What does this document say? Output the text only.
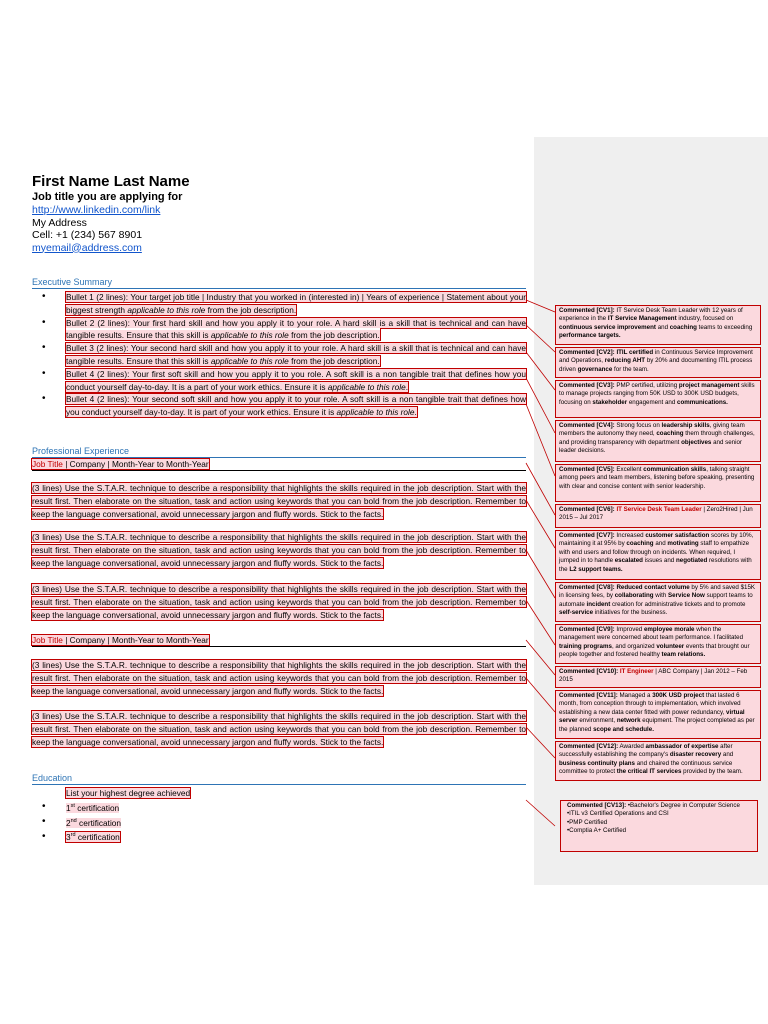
First Name Last Name
Job title you are applying for
http://www.linkedin.com/link
My Address
Cell: +1 (234) 567 8901
myemail@address.com
Executive Summary
• Bullet 1 (2 lines): Your target job title | Industry that you worked in (interested in) | Years of experience | Statement about your biggest strength applicable to this role from the job description.
• Bullet 2 (2 lines): Your first hard skill and how you apply it to your role. A hard skill is a skill that is technical and can have tangible results. Ensure that this skill is applicable to this role from the job description.
• Bullet 3 (2 lines): Your second hard skill and how you apply it to your role. A hard skill is a skill that is technical and can have tangible results. Ensure that this skill is applicable to this role from the job description.
• Bullet 4 (2 lines): Your first soft skill and how you apply it to you role. A soft skill is a non tangible trait that defines how you conduct yourself day-to-day. It is a part of your work ethics. Ensure it is applicable to this role.
• Bullet 4 (2 lines): Your second soft skill and how you apply it to your role. A soft skill is a non tangible trait that defines how you conduct yourself day-to-day. It is part of your work ethics. Ensure it is applicable to this role.
Professional Experience
Job Title | Company | Month-Year to Month-Year
(3 lines) Use the S.T.A.R. technique to describe a responsibility that highlights the skills required in the job description. Start with the result first. Then elaborate on the situation, task and action using keywords that you can bold from the job description. Remember to keep the language conversational, avoid unnecessary jargon and fluffy words. Stick to the facts.
(3 lines) Use the S.T.A.R. technique to describe a responsibility that highlights the skills required in the job description. Start with the result first. Then elaborate on the situation, task and action using keywords that you can bold from the job description. Remember to keep the language conversational, avoid unnecessary jargon and fluffy words. Stick to the facts.
(3 lines) Use the S.T.A.R. technique to describe a responsibility that highlights the skills required in the job description. Start with the result first. Then elaborate on the situation, task and action using keywords that you can bold from the job description. Remember to keep the language conversational, avoid unnecessary jargon and fluffy words. Stick to the facts.
Job Title | Company | Month-Year to Month-Year
(3 lines) Use the S.T.A.R. technique to describe a responsibility that highlights the skills required in the job description. Start with the result first. Then elaborate on the situation, task and action using keywords that you can bold from the job description. Remember to keep the language conversational, avoid unnecessary jargon and fluffy words. Stick to the facts.
(3 lines) Use the S.T.A.R. technique to describe a responsibility that highlights the skills required in the job description. Start with the result first. Then elaborate on the situation, task and action using keywords that you can bold from the job description. Remember to keep the language conversational, avoid unnecessary jargon and fluffy words. Stick to the facts.
Education
List your highest degree achieved
• 1st certification
• 2nd certification
• 3rd certification
Commented [CV1]: IT Service Desk Team Leader with 12 years of experience in the IT Service Management industry, focused on continuous service improvement and coaching teams to exceeding performance targets.
Commented [CV2]: ITIL certified in Continuous Service Improvement and Operations, reducing AHT by 20% and documenting ITIL process driven governance for the team.
Commented [CV3]: PMP certified, utilizing project management skills to manage projects ranging from 50K USD to 300K USD budgets, focusing on stakeholder engagement and communications.
Commented [CV4]: Strong focus on leadership skills, giving team members the autonomy they need, coaching them through challenges, and providing transparency with department objectives and senior leader decisions.
Commented [CV5]: Excellent communication skills, talking straight among peers and team members, listening before speaking, presenting with clear and concise content with senior leadership.
Commented [CV6]: IT Service Desk Team Leader | Zero2Hired | Jun 2015 – Jul 2017
Commented [CV7]: Increased customer satisfaction scores by 10%, maintaining it at 95% by coaching and motivating staff to empathize with end users and follow through on incidents. When required, I jumped in to handle escalated issues and negotiated resolutions with the L2 support teams.
Commented [CV8]: Reduced contact volume by 5% and saved $15K in licensing fees, by collaborating with Service Now support teams to automate incident creation for administrative tickets and to promote self-service initiatives for the business.
Commented [CV9]: Improved employee morale when the management were concerned about team performance. I facilitated training programs, and organized volunteer events that brought our people together and fostered healthy team relations.
Commented [CV10]: IT Engineer | ABC Company | Jan 2012 – Feb 2015
Commented [CV11]: Managed a 300K USD project that lasted 6 month, from conception through to implementation, which involved establishing a new data center fitted with power redundancy, virtual server environment, network equipment. The project completed as per the planned scope and schedule.
Commented [CV12]: Awarded ambassador of expertise after successfully establishing the company's disaster recovery and business continuity plans and chaired the continuous service committee to protect the critical IT services provided by the team.
Commented [CV13]: •Bachelor's Degree in Computer Science
•ITIL v3 Certified Operations and CSI
•PMP Certified
•Comptia A+ Certified
